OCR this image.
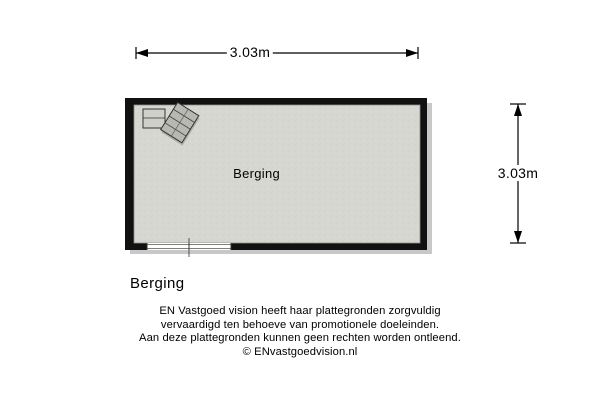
3.03m
3.03m
Berging
Berging
EN Vastgoed vision heeft haar plattegronden zorgvuldig
vervaardigd ten behoeve van promotionele doeleinden.
Aan deze plattegronden kunnen geen rechten worden ontleend.
© ENvastgoedvision.nl
